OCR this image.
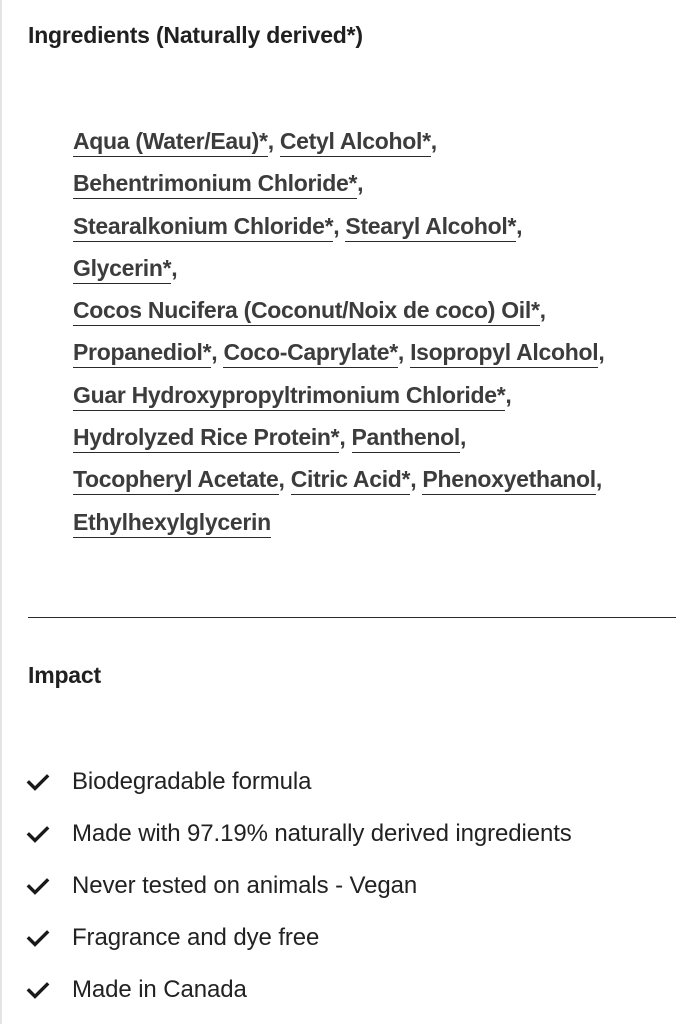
Ingredients (Naturally derived*)
Aqua (Water/Eau)*, Cetyl Alcohol*,
Behentrimonium Chloride*,
Stearalkonium Chloride*, Stearyl Alcohol*,
Glycerin*,
Cocos Nucifera (Coconut/Noix de coco) Oil*,
Propanediol*, Coco-Caprylate*, Isopropyl Alcohol,
Guar Hydroxypropyltrimonium Chloride*,
Hydrolyzed Rice Protein*, Panthenol,
Tocopheryl Acetate, Citric Acid*, Phenoxyethanol,
Ethylhexylglycerin
Impact
Biodegradable formula
Made with 97.19% naturally derived ingredients
Never tested on animals - Vegan
Fragrance and dye free
Made in Canada
